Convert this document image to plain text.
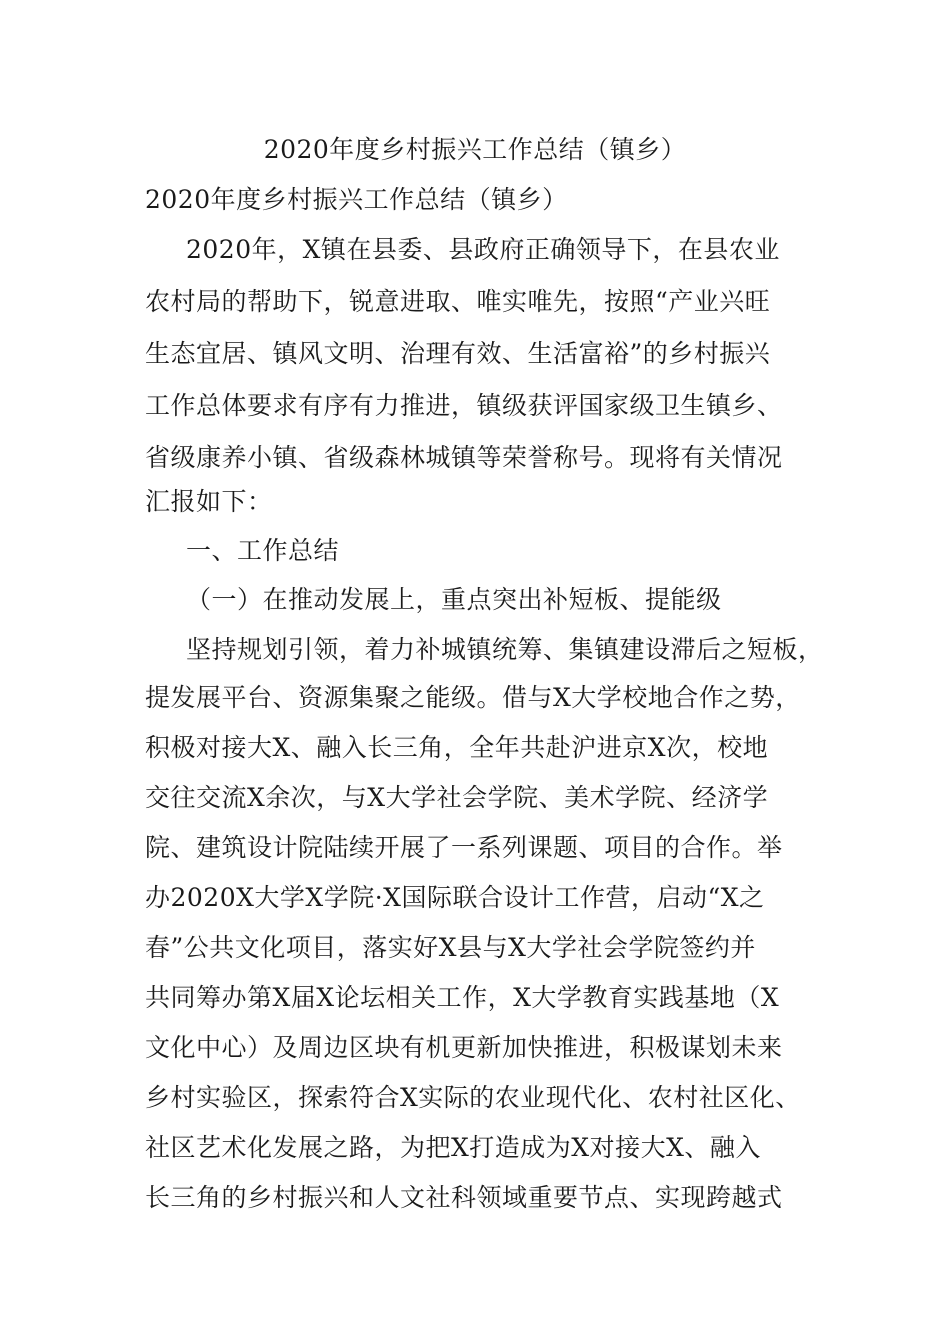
2020年度乡村振兴工作总结（镇乡）
2020年度乡村振兴工作总结（镇乡）
2020年，X镇在县委、县政府正确领导下，在县农业
农村局的帮助下，锐意进取、唯实唯先，按照“产业兴旺
生态宜居、镇风文明、治理有效、生活富裕”的乡村振兴
工作总体要求有序有力推进，镇级获评国家级卫生镇乡、
省级康养小镇、省级森林城镇等荣誉称号。现将有关情况
汇报如下：
一、工作总结
（一）在推动发展上，重点突出补短板、提能级
坚持规划引领，着力补城镇统筹、集镇建设滞后之短板，
提发展平台、资源集聚之能级。借与X大学校地合作之势，
积极对接大X、融入长三角，全年共赴沪进京X次，校地
交往交流X余次，与X大学社会学院、美术学院、经济学
院、建筑设计院陆续开展了一系列课题、项目的合作。举
办2020X大学X学院·X国际联合设计工作营，启动“X之
春”公共文化项目，落实好X县与X大学社会学院签约并
共同筹办第X届X论坛相关工作，X大学教育实践基地（X
文化中心）及周边区块有机更新加快推进，积极谋划未来
乡村实验区，探索符合X实际的农业现代化、农村社区化、
社区艺术化发展之路，为把X打造成为X对接大X、融入
长三角的乡村振兴和人文社科领域重要节点、实现跨越式
